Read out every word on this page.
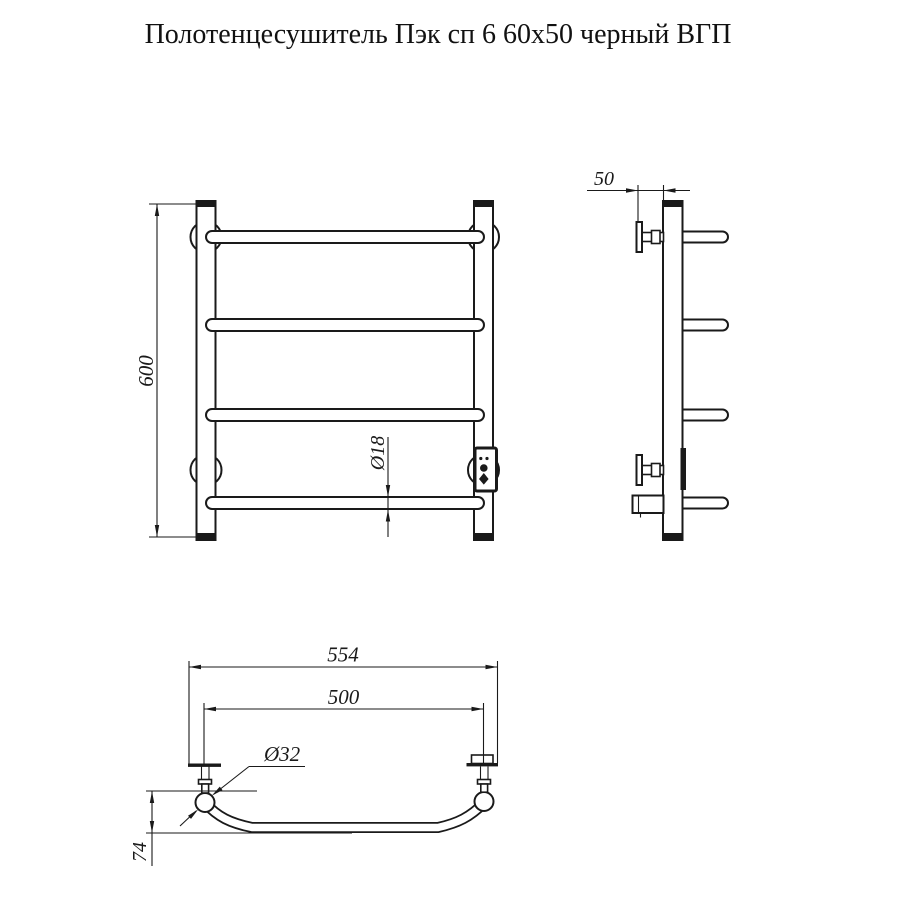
Полотенцесушитель Пэк сп 6 60x50 черный ВГП
600
Ø18
50
554
500
Ø32
74
